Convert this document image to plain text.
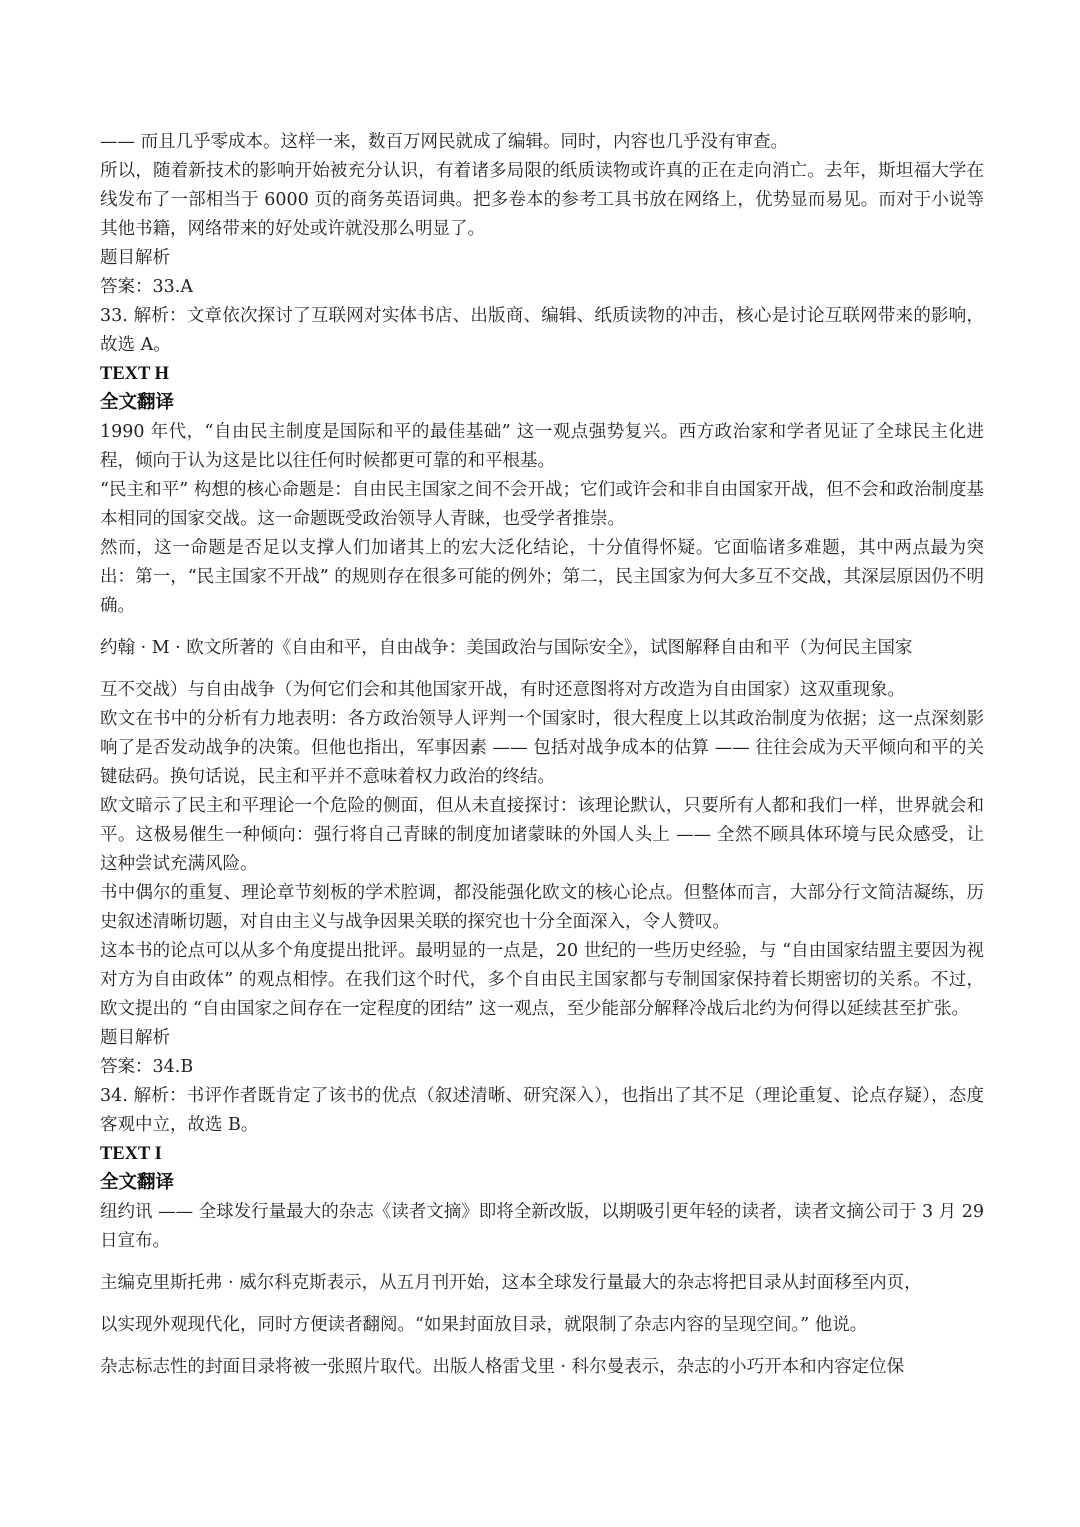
—— 而且几乎零成本。这样一来，数百万网民就成了编辑。同时，内容也几乎没有审查。

所以，随着新技术的影响开始被充分认识，有着诸多局限的纸质读物或许真的正在走向消亡。去年，斯坦福大学在线发布了一部相当于 6000 页的商务英语词典。把多卷本的参考工具书放在网络上，优势显而易见。而对于小说等其他书籍，网络带来的好处或许就没那么明显了。

题目解析

答案：33.A

33. 解析：文章依次探讨了互联网对实体书店、出版商、编辑、纸质读物的冲击，核心是讨论互联网带来的影响，故选 A。

TEXT H

全文翻译

1990 年代，“自由民主制度是国际和平的最佳基础” 这一观点强势复兴。西方政治家和学者见证了全球民主化进程，倾向于认为这是比以往任何时候都更可靠的和平根基。

“民主和平” 构想的核心命题是：自由民主国家之间不会开战；它们或许会和非自由国家开战，但不会和政治制度基本相同的国家交战。这一命题既受政治领导人青睐，也受学者推崇。

然而，这一命题是否足以支撑人们加诸其上的宏大泛化结论，十分值得怀疑。它面临诸多难题，其中两点最为突出：第一，“民主国家不开战” 的规则存在很多可能的例外；第二，民主国家为何大多互不交战，其深层原因仍不明确。

约翰 · M · 欧文所著的《自由和平，自由战争：美国政治与国际安全》，试图解释自由和平（为何民主国家

互不交战）与自由战争（为何它们会和其他国家开战，有时还意图将对方改造为自由国家）这双重现象。

欧文在书中的分析有力地表明：各方政治领导人评判一个国家时，很大程度上以其政治制度为依据；这一点深刻影响了是否发动战争的决策。但他也指出，军事因素 —— 包括对战争成本的估算 —— 往往会成为天平倾向和平的关键砝码。换句话说，民主和平并不意味着权力政治的终结。

欧文暗示了民主和平理论一个危险的侧面，但从未直接探讨：该理论默认，只要所有人都和我们一样，世界就会和平。这极易催生一种倾向：强行将自己青睐的制度加诸蒙昧的外国人头上 —— 全然不顾具体环境与民众感受，让这种尝试充满风险。

书中偶尔的重复、理论章节刻板的学术腔调，都没能强化欧文的核心论点。但整体而言，大部分行文简洁凝练，历史叙述清晰切题，对自由主义与战争因果关联的探究也十分全面深入，令人赞叹。

这本书的论点可以从多个角度提出批评。最明显的一点是，20 世纪的一些历史经验，与 “自由国家结盟主要因为视对方为自由政体” 的观点相悖。在我们这个时代，多个自由民主国家都与专制国家保持着长期密切的关系。不过，欧文提出的 “自由国家之间存在一定程度的团结” 这一观点，至少能部分解释冷战后北约为何得以延续甚至扩张。

题目解析

答案：34.B

34. 解析：书评作者既肯定了该书的优点（叙述清晰、研究深入），也指出了其不足（理论重复、论点存疑），态度客观中立，故选 B。

TEXT I

全文翻译

纽约讯 —— 全球发行量最大的杂志《读者文摘》即将全新改版，以期吸引更年轻的读者，读者文摘公司于 3 月 29 日宣布。

主编克里斯托弗 · 威尔科克斯表示，从五月刊开始，这本全球发行量最大的杂志将把目录从封面移至内页，

以实现外观现代化，同时方便读者翻阅。“如果封面放目录，就限制了杂志内容的呈现空间。” 他说。

杂志标志性的封面目录将被一张照片取代。出版人格雷戈里 · 科尔曼表示，杂志的小巧开本和内容定位保
